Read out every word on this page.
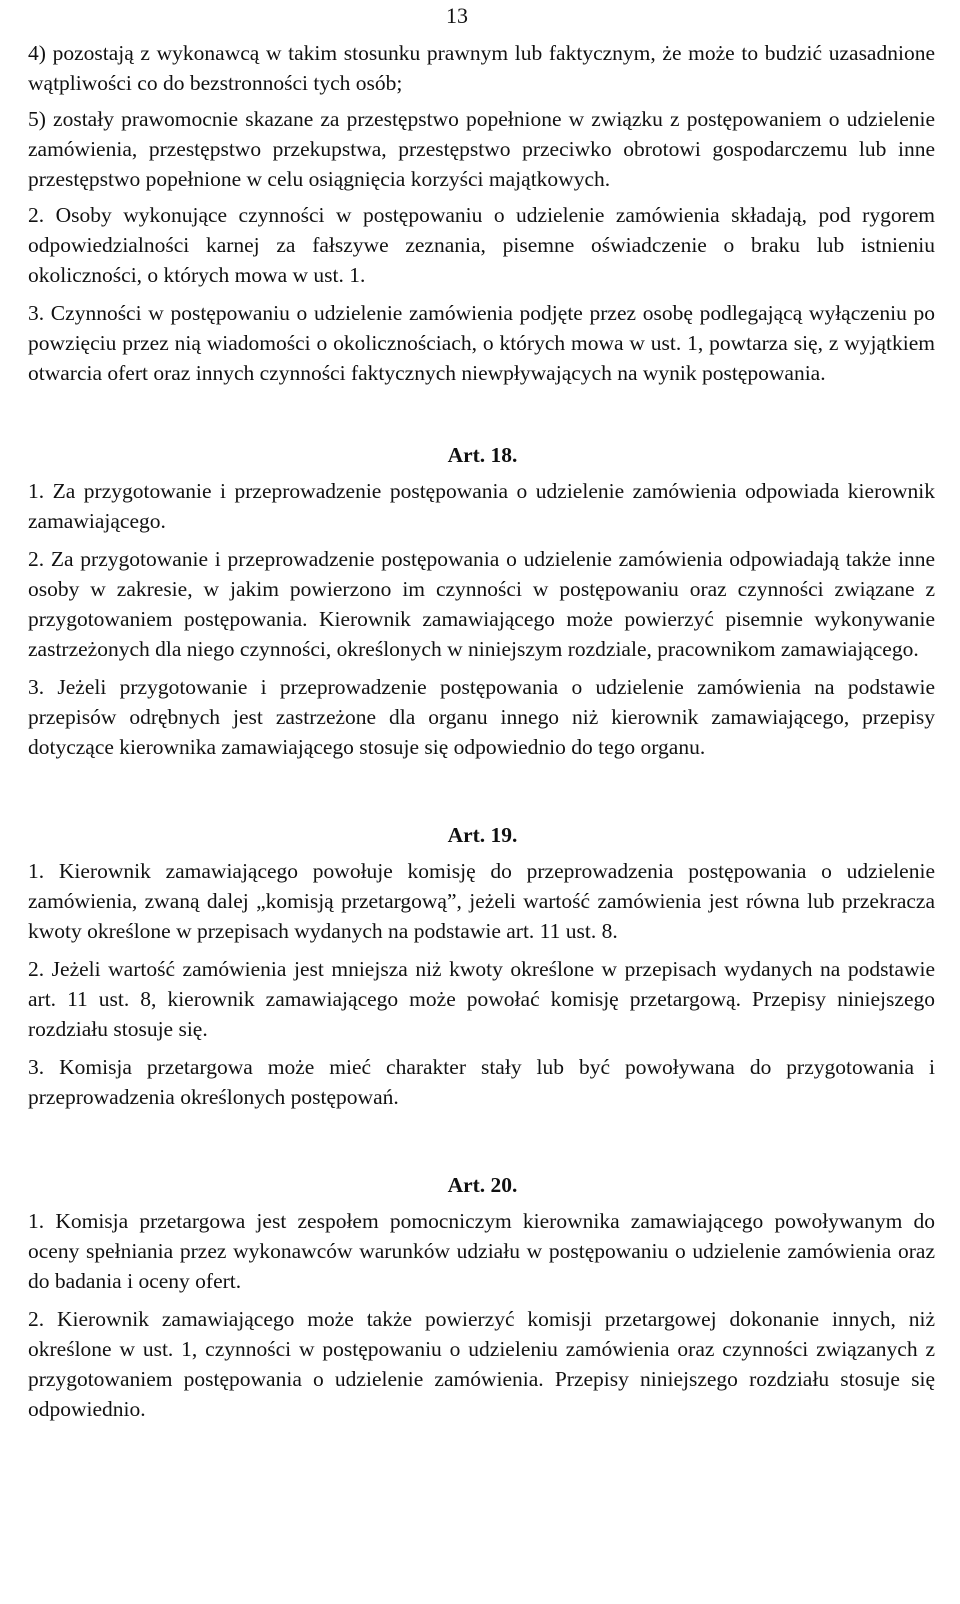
13

4) pozostają z wykonawcą w takim stosunku prawnym lub faktycznym, że może to budzić uzasadnione wątpliwości co do bezstronności tych osób;

5) zostały prawomocnie skazane za przestępstwo popełnione w związku z postępowaniem o udzielenie zamówienia, przestępstwo przekupstwa, przestępstwo przeciwko obrotowi gospodarczemu lub inne przestępstwo popełnione w celu osiągnięcia korzyści majątkowych.

2. Osoby wykonujące czynności w postępowaniu o udzielenie zamówienia składają, pod rygorem odpowiedzialności karnej za fałszywe zeznania, pisemne oświadczenie o braku lub istnieniu okoliczności, o których mowa w ust. 1.

3. Czynności w postępowaniu o udzielenie zamówienia podjęte przez osobę podlegającą wyłączeniu po powzięciu przez nią wiadomości o okolicznościach, o których mowa w ust. 1, powtarza się, z wyjątkiem otwarcia ofert oraz innych czynności faktycznych niewpływających na wynik postępowania.

Art. 18.

1. Za przygotowanie i przeprowadzenie postępowania o udzielenie zamówienia odpowiada kierownik zamawiającego.

2. Za przygotowanie i przeprowadzenie postępowania o udzielenie zamówienia odpowiadają także inne osoby w zakresie, w jakim powierzono im czynności w postępowaniu oraz czynności związane z przygotowaniem postępowania. Kierownik zamawiającego może powierzyć pisemnie wykonywanie zastrzeżonych dla niego czynności, określonych w niniejszym rozdziale, pracownikom zamawiającego.

3. Jeżeli przygotowanie i przeprowadzenie postępowania o udzielenie zamówienia na podstawie przepisów odrębnych jest zastrzeżone dla organu innego niż kierownik zamawiającego, przepisy dotyczące kierownika zamawiającego stosuje się odpowiednio do tego organu.

Art. 19.

1. Kierownik zamawiającego powołuje komisję do przeprowadzenia postępowania o udzielenie zamówienia, zwaną dalej „komisją przetargową”, jeżeli wartość zamówienia jest równa lub przekracza kwoty określone w przepisach wydanych na podstawie art. 11 ust. 8.

2. Jeżeli wartość zamówienia jest mniejsza niż kwoty określone w przepisach wydanych na podstawie art. 11 ust. 8, kierownik zamawiającego może powołać komisję przetargową. Przepisy niniejszego rozdziału stosuje się.

3. Komisja przetargowa może mieć charakter stały lub być powoływana do przygotowania i przeprowadzenia określonych postępowań.

Art. 20.

1. Komisja przetargowa jest zespołem pomocniczym kierownika zamawiającego powoływanym do oceny spełniania przez wykonawców warunków udziału w postępowaniu o udzielenie zamówienia oraz do badania i oceny ofert.

2. Kierownik zamawiającego może także powierzyć komisji przetargowej dokonanie innych, niż określone w ust. 1, czynności w postępowaniu o udzieleniu zamówienia oraz czynności związanych z przygotowaniem postępowania o udzielenie zamówienia. Przepisy niniejszego rozdziału stosuje się odpowiednio.
